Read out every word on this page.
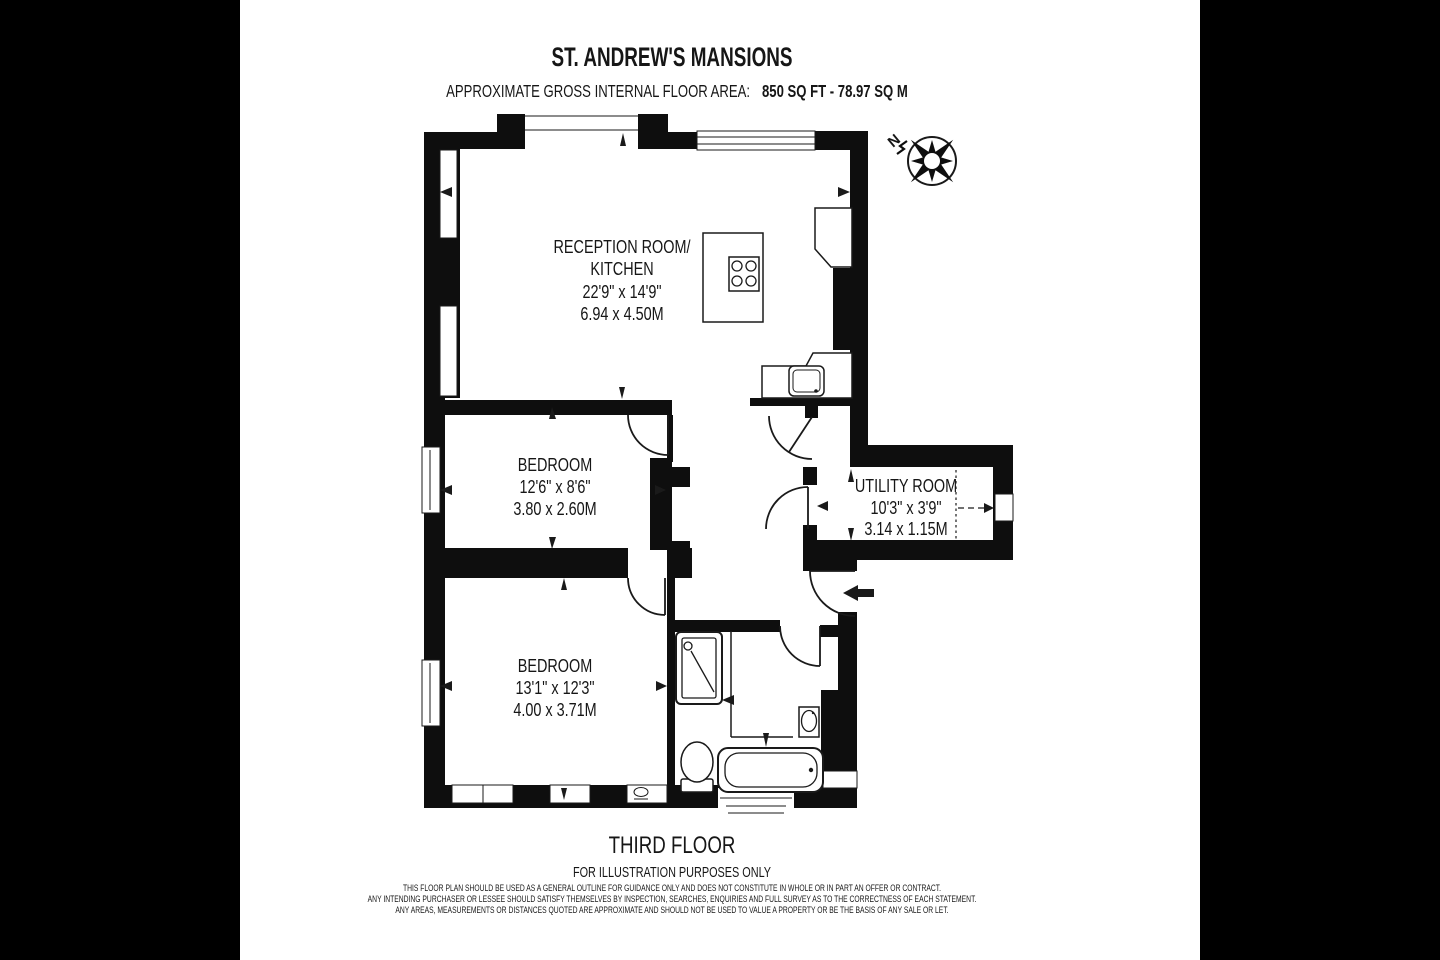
ST. ANDREW'S MANSIONS
APPROXIMATE GROSS INTERNAL FLOOR AREA: 850 SQ FT - 78.97 SQ M
N
RECEPTION ROOM/
KITCHEN
22'9" x 14'9"
6.94 x 4.50M
BEDROOM
12'6" x 8'6"
3.80 x 2.60M
UTILITY ROOM
10'3" x 3'9"
3.14 x 1.15M
BEDROOM
13'1" x 12'3"
4.00 x 3.71M
THIRD FLOOR
FOR ILLUSTRATION PURPOSES ONLY
THIS FLOOR PLAN SHOULD BE USED AS A GENERAL OUTLINE FOR GUIDANCE ONLY AND DOES NOT CONSTITUTE IN WHOLE OR IN PART AN OFFER OR CONTRACT.
ANY INTENDING PURCHASER OR LESSEE SHOULD SATISFY THEMSELVES BY INSPECTION, SEARCHES, ENQUIRIES AND FULL SURVEY AS TO THE CORRECTNESS OF EACH STATEMENT.
ANY AREAS, MEASUREMENTS OR DISTANCES QUOTED ARE APPROXIMATE AND SHOULD NOT BE USED TO VALUE A PROPERTY OR BE THE BASIS OF ANY SALE OR LET.
